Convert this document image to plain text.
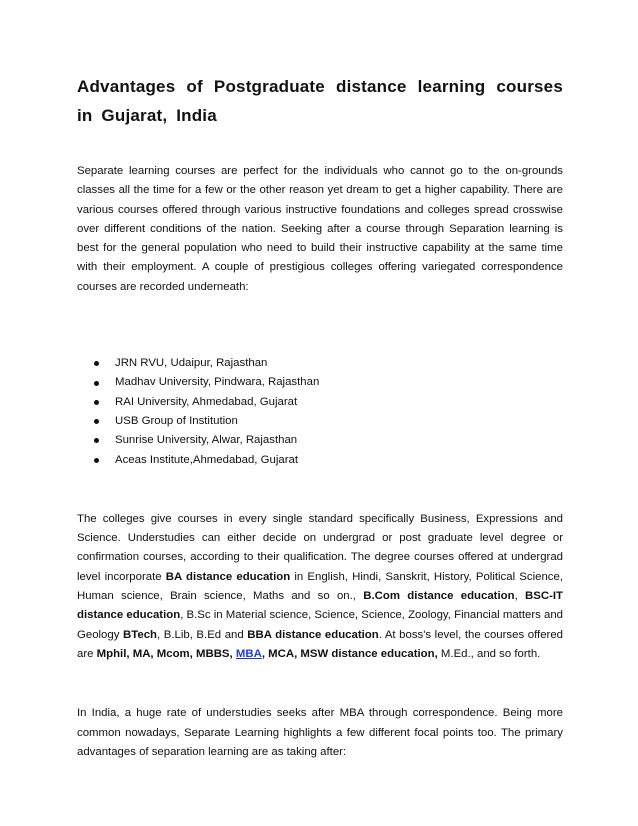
Advantages of Postgraduate distance learning courses in Gujarat, India

Separate learning courses are perfect for the individuals who cannot go to the on-grounds classes all the time for a few or the other reason yet dream to get a higher capability. There are various courses offered through various instructive foundations and colleges spread crosswise over different conditions of the nation. Seeking after a course through Separation learning is best for the general population who need to build their instructive capability at the same time with their employment. A couple of prestigious colleges offering variegated correspondence courses are recorded underneath:

JRN RVU, Udaipur, Rajasthan
Madhav University, Pindwara, Rajasthan
RAI University, Ahmedabad, Gujarat
USB Group of Institution
Sunrise University, Alwar, Rajasthan
Aceas Institute,Ahmedabad, Gujarat

The colleges give courses in every single standard specifically Business, Expressions and Science. Understudies can either decide on undergrad or post graduate level degree or confirmation courses, according to their qualification. The degree courses offered at undergrad level incorporate BA distance education in English, Hindi, Sanskrit, History, Political Science, Human science, Brain science, Maths and so on., B.Com distance education, BSC-IT distance education, B.Sc in Material science, Science, Science, Zoology, Financial matters and Geology BTech, B.Lib, B.Ed and BBA distance education. At boss's level, the courses offered are Mphil, MA, Mcom, MBBS, MBA, MCA, MSW distance education, M.Ed., and so forth.

In India, a huge rate of understudies seeks after MBA through correspondence. Being more common nowadays, Separate Learning highlights a few different focal points too. The primary advantages of separation learning are as taking after:
